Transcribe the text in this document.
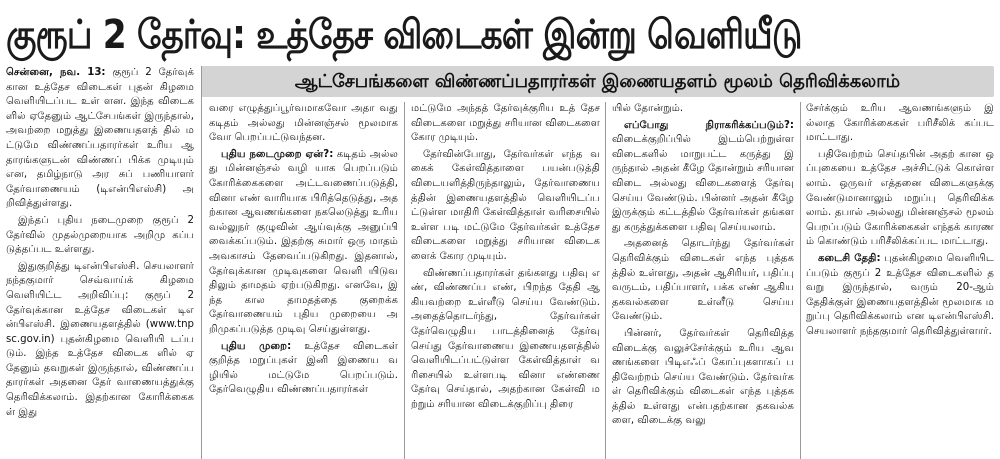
குரூப் 2 தேர்வு: உத்தேச விடைகள் இன்று வெளியீடு
ஆட்சேபங்களை விண்ணப்பதாரர்கள் இணையதளம் மூலம் தெரிவிக்கலாம்

சென்னை, நவ. 13: குரூப் 2 தேர்வுக் கான உத்தேச விடைகள் புதன் கிழமை வெளியிடப்பட உள் ளன. இந்த விடைகளில் ஏதேனும் ஆட்சேபங்கள் இருந்தால், அவற்றை மறுத்து இணையதளத் தில் மட்டுமே விண்ணப்பதாரர்கள் உரிய ஆதாரங்களுடன் விண்ணப் பிக்க முடியும் என, தமிழ்நாடு அர சுப் பணியாளர் தேர்வாணையம் (டிஎன்பிஎஸ்சி) அறிவித்துள்ளது.

இந்தப் புதிய நடைமுறை குரூப் 2 தேர்வில் முதல்முறையாக அறிமு கப்படுத்தப்பட உள்ளது.

இதுகுறித்து டிஎன்பிஎஸ்சி. செயலாளர் நந்தகுமார் செவ்வாய்க் கிழமை வெளியிட்ட அறிவிப்பு: குரூப் 2 தேர்வுக்கான உத்தேச விடைகள் டிஎன்பிஎஸ்சி. இணையதளத்தில் (www.tnpsc.gov.in) புதன்கிழமை வெளியி டப்படும். இந்த உத்தேச விடைக ளில் ஏதேனும் தவறுகள் இருந்தால், விண்ணப்பதாரர்கள் அதனை தேர் வாணையத்துக்கு தெரிவிக்கலாம். இதற்கான கோரிக்கைகள் இது

வரை எழுத்துப்பூர்வமாகவோ அதா வது கடிதம் அல்லது மின்னஞ்சல் மூலமாகவோ பெறப்பட்டுவந்தன.

புதிய நடைமுறை ஏன்?: கடிதம் அல்லது மின்னஞ்சல் வழி யாக பெறப்படும் கோரிக்கைகளை அட்டவணைப்படுத்தி, வினா எண் வாரியாக பிரித்தெடுத்து, அதற்கான ஆவணங்களை நகலெடுத்து உரிய வல்லுநர் குழுவின் ஆய்வுக்கு அனுப்பி வைக்கப்படும். இதற்கு சுமார் ஒரு மாதம் அவகாசம் தேவைப்படுகிறது. இதனால், தேர்வுக்கான முடிவுகளை வெளி யிடுவதிலும் தாமதம் ஏற்படுகிறது. எனவே, இந்த கால தாமதத்தை குறைக்க தேர்வாணையம் புதிய முறையை அறிமுகப்படுத்த முடிவு செய்துள்ளது.

புதிய முறை: உத்தேச விடைகள் குறித்த மறுப்புகள் இனி இணைய வழியில் மட்டுமே பெறப்படும். தேர்வெழுதிய விண்ணப்பதாரர்கள்

மட்டுமே அந்தத் தேர்வுக்குரிய உத் தேச விடைகளை மறுத்து சரியான விடைகளை கோர முடியும்.

தேர்வின்போது, தேர்வர்கள் எந்த வகைக் கேள்வித்தாளை பயன்படுத்தி விடையளித்திருந்தாலும், தேர்வாணையத்தின் இணையதளத்தில் வெளியிடப்பட்டுள்ள மாதிரி கேள்வித்தாள் வரிசையில் உள்ள படி மட்டுமே தேர்வர்கள் உத்தேச விடைகளை மறுத்து சரியான விடைகளைக் கோர முடியும்.

விண்ணப்பதாரர்கள் தங்களது பதிவு எண், விண்ணப்ப எண், பிறந்த தேதி ஆகியவற்றை உள்ளீடு செய்ய வேண்டும். அதைத்தொடர்ந்து, தேர்வர்கள் தேர்வெழுதிய பாடத்தினைத் தேர்வு செய்து தேர்வாணைய இணையதளத்தில் வெளியிடப்பட்டுள்ள கேள்வித்தாள் வரிசையில் உள்ளபடி வினா எண்ணை தேர்வு செய்தால், அதற்கான கேள்வி மற்றும் சரியான விடைக்குறிப்பு திரை

யில் தோன்றும்.

எப்போது நிராகரிக்கப்படும்?: விடைக்குறிப்பில் இடம்பெற்றுள்ள விடைகளில் மாறுபட்ட கருத்து இருந்தால் அதன் கீழே தோன்றும் சரியான விடை அல்லது விடைகளைத் தேர்வு செய்ய வேண்டும். பின்னர் அதன் கீழே இருக்கும் கட்டத்தில் தேர்வர்கள் தங்களது கருத்துக்களை பதிவு செய்யலாம்.

அதனைத் தொடர்ந்து தேர்வர்கள் தெரிவிக்கும் விடைகள் எந்த புத்தகத்தில் உள்ளது, அதன் ஆசிரியர், பதிப்பு வருடம், பதிப்பாளர், பக்க எண் ஆகிய தகவல்களை உள்ளீடு செய்ய வேண்டும்.

பின்னர், தேர்வர்கள் தெரிவித்த விடைக்கு வலுச்சேர்க்கும் உரிய ஆவணங்களை பிடிஎஃப் கோப்புகளாகப் பதிவேற்றம் செய்ய வேண்டும். தேர்வர்கள் தெரிவிக்கும் விடைகள் எந்த புத்தகத்தில் உள்ளது என்பதற்கான தகவல்களை, விடைக்கு வலு

சேர்க்கும் உரிய ஆவணங்களும் இல்லாத கோரிக்கைகள் பரிசீலிக் கப்படமாட்டாது.

பதிவேற்றம் செய்தபின் அதற் கான ஒப்புகையை உத்தேச அச்சிட்டுக் கொள்ளலாம். ஒருவர் எத்தனை விடைகளுக்கு வேண்டுமானாலும் மறுப்பு தெரிவிக்கலாம். தபால் அல்லது மின்னஞ்சல் மூலம் பெறப்படும் கோரிக்கைகள் எந்தக் காரணம் கொண்டும் பரிசீலிக்கப்பட மாட்டாது.

கடைசி தேதி: புதன்கிழமை வெளியிடப்படும் குரூப் 2 உத்தேச விடைகளில் தவறு இருந்தால், வரும் 20-ஆம் தேதிக்குள் இணையதளத்தின் மூலமாக மறுப்பு தெரிவிக்கலாம் என டிஎன்பிஎஸ்சி. செயலாளர் நந்தகுமார் தெரிவித்துள்ளார்.
